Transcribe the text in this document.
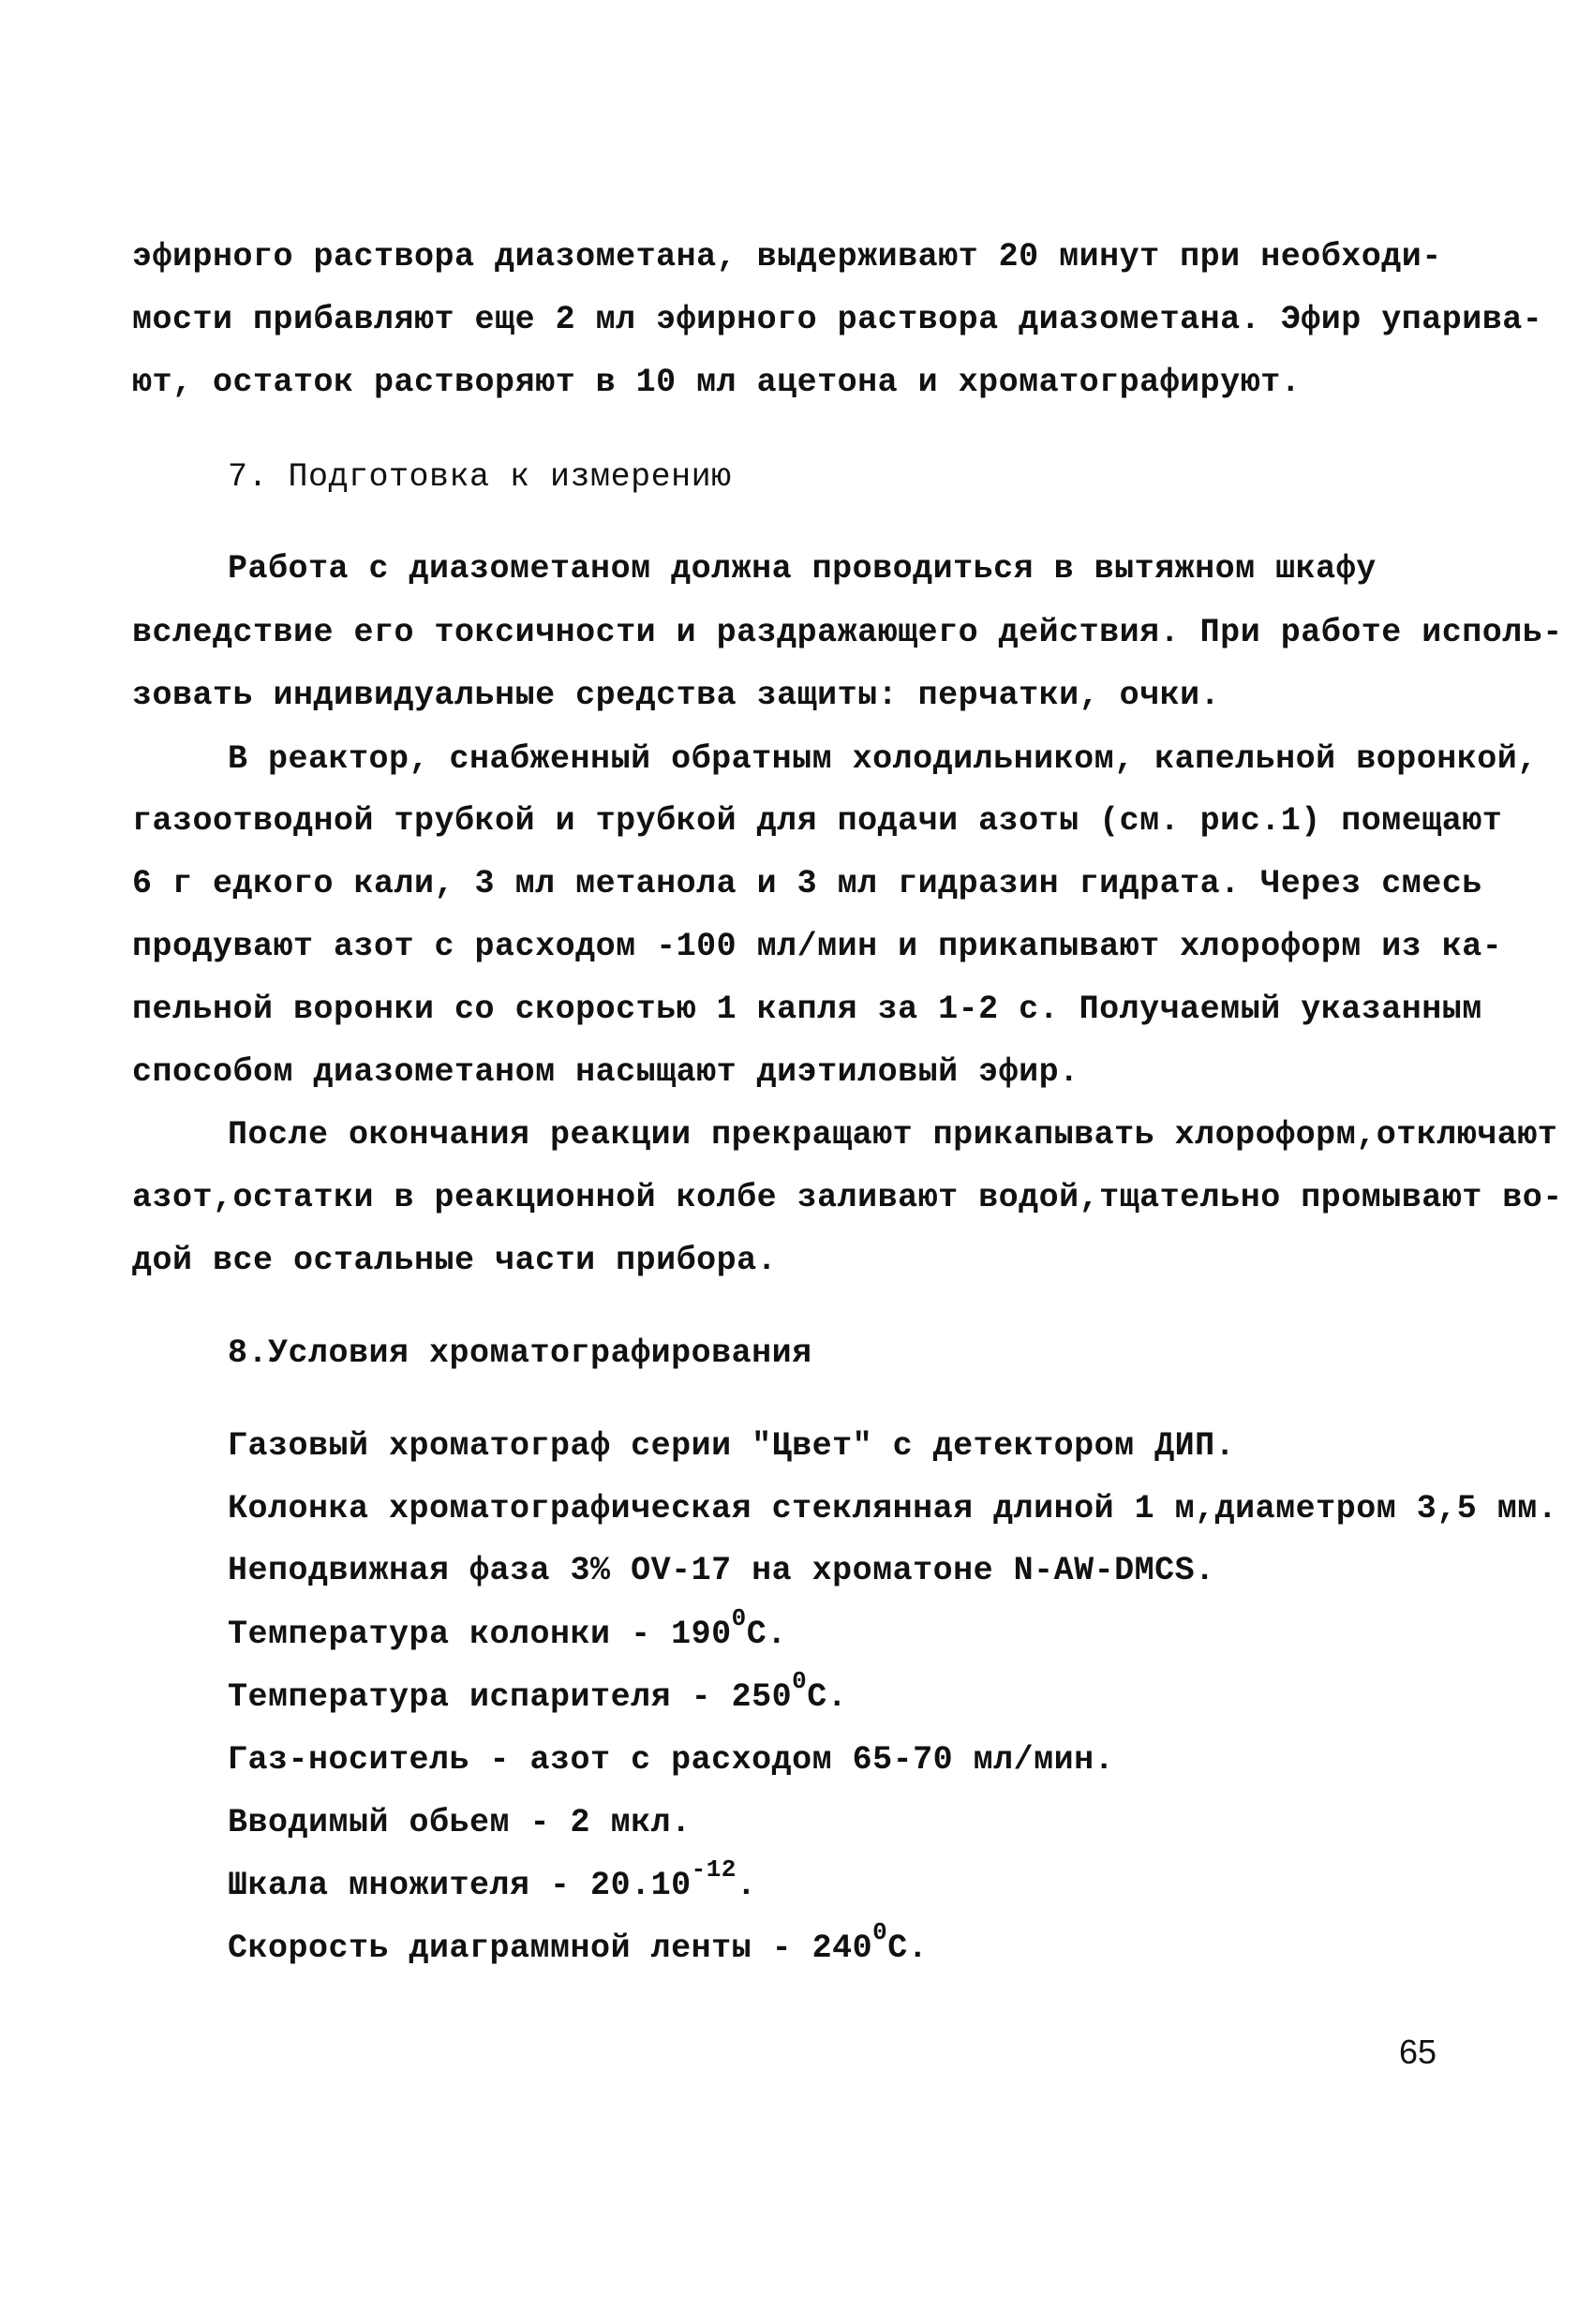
эфирного раствора диазометана, выдерживают 20 минут при необходи-
мости прибавляют еще 2 мл эфирного раствора диазометана. Эфир упарива-
ют, остаток растворяют в 10 мл ацетона и хроматографируют.
7. Подготовка к измерению
Работа с диазометаном должна проводиться в вытяжном шкафу
вследствие его токсичности и раздражающего действия. При работе исполь-
зовать индивидуальные средства защиты: перчатки, очки.
В реактор, снабженный обратным холодильником, капельной воронкой,
газоотводной трубкой и трубкой для подачи азоты (см. рис.1) помещают
6 г едкого кали, 3 мл метанола и 3 мл гидразин гидрата. Через смесь
продувают азот с расходом -100 мл/мин и прикапывают хлороформ из ка-
пельной воронки со скоростью 1 капля за 1-2 с. Получаемый указанным
способом диазометаном насыщают диэтиловый эфир.
После окончания реакции прекращают прикапывать хлороформ,отключают
азот,остатки в реакционной колбе заливают водой,тщательно промывают во-
дой все остальные части прибора.
8.Условия хроматографирования
Газовый хроматограф серии "Цвет" с детектором ДИП.
Колонка хроматографическая стеклянная длиной 1 м,диаметром 3,5 мм.
Неподвижная фаза 3% OV-17 на хроматоне N-AW-DMCS.
Температура колонки - $190^0С$.
Температура испарителя - $250^0С$.
Газ-носитель - азот с расходом 65-70 мл/мин.
Вводимый обьем - 2 мкл.
Шкала множителя - $20.10^{-12}$.
Скорость диаграммной ленты - $240^0С$.
65
